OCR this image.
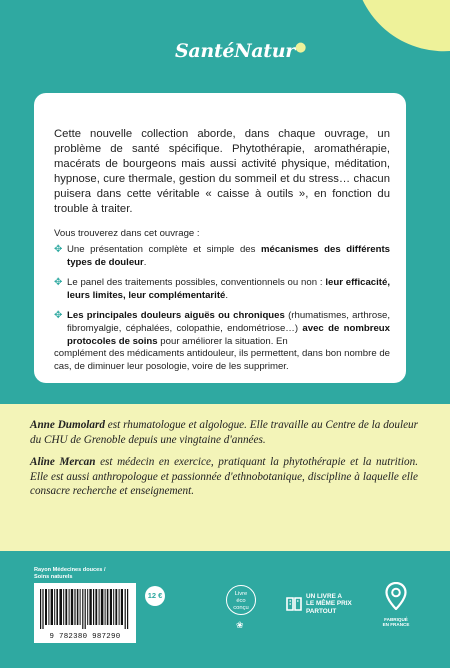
SantéNatur●

Cette nouvelle collection aborde, dans chaque ouvrage, un problème de santé spécifique. Phytothérapie, aromathérapie, macérats de bourgeons mais aussi activité physique, méditation, hypnose, cure thermale, gestion du sommeil et du stress… chacun puisera dans cette véritable « caisse à outils », en fonction du trouble à traiter.

Vous trouverez dans cet ouvrage :

✥ Une présentation complète et simple des mécanismes des différents types de douleur.
✥ Le panel des traitements possibles, conventionnels ou non : leur efficacité, leurs limites, leur complémentarité.
✥ Les principales douleurs aiguës ou chroniques (rhumatismes, arthrose, fibromyalgie, céphalées, colopathie, endométriose…) avec de nombreux protocoles de soins pour améliorer la situation. En

complément des médicaments antidouleur, ils permettent, dans bon nombre de cas, de diminuer leur posologie, voire de les supprimer.

Anne Dumolard est rhumatologue et algologue. Elle travaille au Centre de la douleur du CHU de Grenoble depuis une vingtaine d'années.

Aline Mercan est médecin en exercice, pratiquant la phytothérapie et la nutrition. Elle est aussi anthropologue et passionnée d'ethnobotanique, discipline à laquelle elle consacre recherche et enseignement.

Rayon Médecines douces /
Soins naturels
9 782380 987290
12 €	Livre
éco
conçu
❀
UN LIVRE A
LE MÊME PRIX
PARTOUT
FABRIQUÉ
EN FRANCE
